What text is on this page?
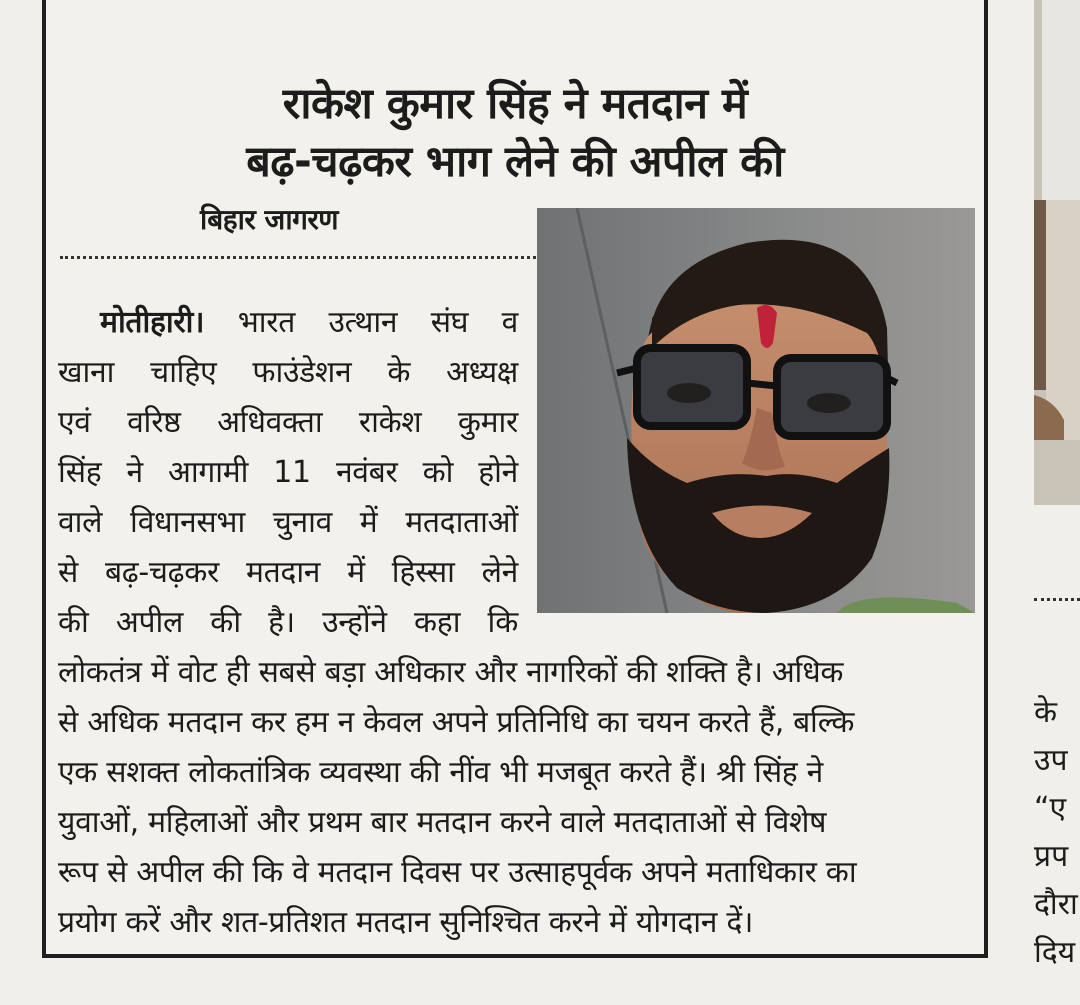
राकेश कुमार सिंह ने मतदान में
बढ़-चढ़कर भाग लेने की अपील की
बिहार जागरण
मोतीहारी। भारत उत्थान संघ व
खाना चाहिए फाउंडेशन के अध्यक्ष
एवं वरिष्ठ अधिवक्ता राकेश कुमार
सिंह ने आगामी 11 नवंबर को होने
वाले विधानसभा चुनाव में मतदाताओं
से बढ़-चढ़कर मतदान में हिस्सा लेने
की अपील की है। उन्होंने कहा कि
लोकतंत्र में वोट ही सबसे बड़ा अधिकार और नागरिकों की शक्ति है। अधिक
से अधिक मतदान कर हम न केवल अपने प्रतिनिधि का चयन करते हैं, बल्कि
एक सशक्त लोकतांत्रिक व्यवस्था की नींव भी मजबूत करते हैं। श्री सिंह ने
युवाओं, महिलाओं और प्रथम बार मतदान करने वाले मतदाताओं से विशेष
रूप से अपील की कि वे मतदान दिवस पर उत्साहपूर्वक अपने मताधिकार का
प्रयोग करें और शत-प्रतिशत मतदान सुनिश्चित करने में योगदान दें।
के
उप
“ए
प्रप
दौरा
दिय
